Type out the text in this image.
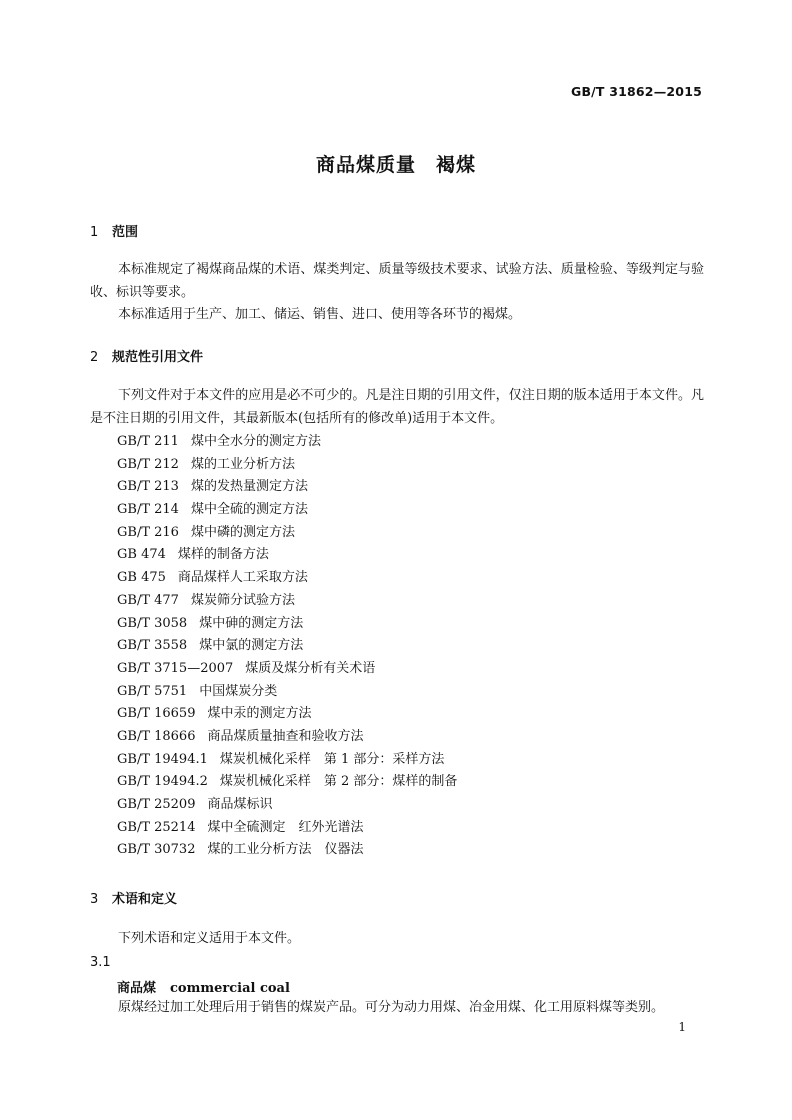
GB/T 31862—2015
商品煤质量　褐煤
1 范围
本标准规定了褐煤商品煤的术语、煤类判定、质量等级技术要求、试验方法、质量检验、等级判定与验收、标识等要求。
本标准适用于生产、加工、储运、销售、进口、使用等各环节的褐煤。
2 规范性引用文件
下列文件对于本文件的应用是必不可少的。凡是注日期的引用文件，仅注日期的版本适用于本文件。凡是不注日期的引用文件，其最新版本(包括所有的修改单)适用于本文件。
GB/T 211 煤中全水分的测定方法
GB/T 212 煤的工业分析方法
GB/T 213 煤的发热量测定方法
GB/T 214 煤中全硫的测定方法
GB/T 216 煤中磷的测定方法
GB 474 煤样的制备方法
GB 475 商品煤样人工采取方法
GB/T 477 煤炭筛分试验方法
GB/T 3058 煤中砷的测定方法
GB/T 3558 煤中氯的测定方法
GB/T 3715—2007 煤质及煤分析有关术语
GB/T 5751 中国煤炭分类
GB/T 16659 煤中汞的测定方法
GB/T 18666 商品煤质量抽查和验收方法
GB/T 19494.1 煤炭机械化采样　第 1 部分：采样方法
GB/T 19494.2 煤炭机械化采样　第 2 部分：煤样的制备
GB/T 25209 商品煤标识
GB/T 25214 煤中全硫测定　红外光谱法
GB/T 30732 煤的工业分析方法　仪器法
3 术语和定义
下列术语和定义适用于本文件。
3.1
商品煤 commercial coal
原煤经过加工处理后用于销售的煤炭产品。可分为动力用煤、冶金用煤、化工用原料煤等类别。
1
